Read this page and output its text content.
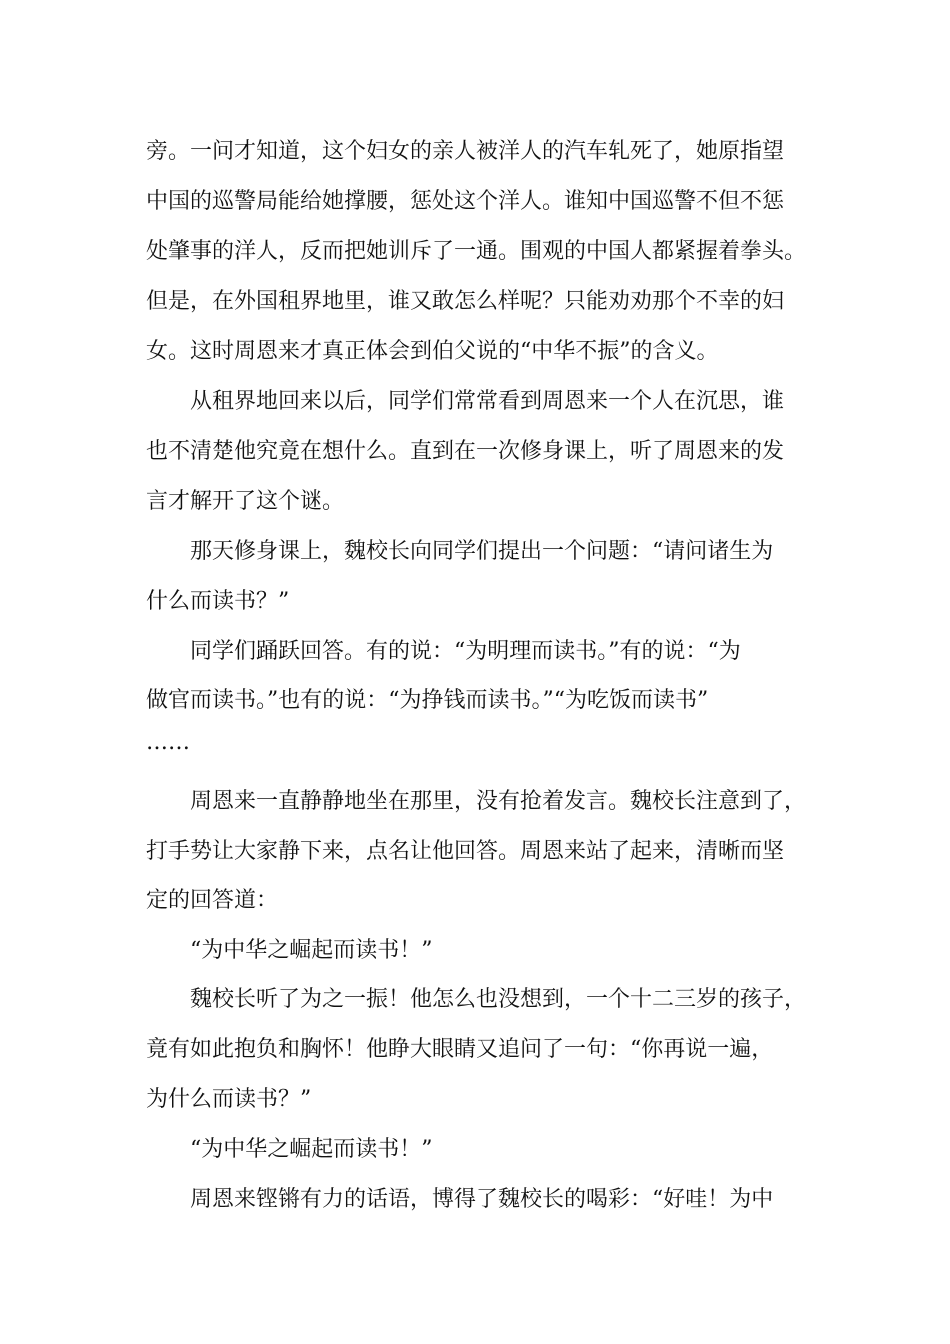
旁。一问才知道，这个妇女的亲人被洋人的汽车轧死了，她原指望

中国的巡警局能给她撑腰，惩处这个洋人。谁知中国巡警不但不惩

处肇事的洋人，反而把她训斥了一通。围观的中国人都紧握着拳头。

但是，在外国租界地里，谁又敢怎么样呢？只能劝劝那个不幸的妇

女。这时周恩来才真正体会到伯父说的“中华不振”的含义。

从租界地回来以后，同学们常常看到周恩来一个人在沉思，谁

也不清楚他究竟在想什么。直到在一次修身课上，听了周恩来的发

言才解开了这个谜。

那天修身课上，魏校长向同学们提出一个问题：“请问诸生为

什么而读书？”

同学们踊跃回答。有的说：“为明理而读书。”有的说：“为

做官而读书。”也有的说：“为挣钱而读书。”“为吃饭而读书”

……

周恩来一直静静地坐在那里，没有抢着发言。魏校长注意到了，

打手势让大家静下来，点名让他回答。周恩来站了起来，清晰而坚

定的回答道：

“为中华之崛起而读书！”

魏校长听了为之一振！他怎么也没想到，一个十二三岁的孩子，

竟有如此抱负和胸怀！他睁大眼睛又追问了一句：“你再说一遍，

为什么而读书？”

“为中华之崛起而读书！”

周恩来铿锵有力的话语，博得了魏校长的喝彩：“好哇！为中
